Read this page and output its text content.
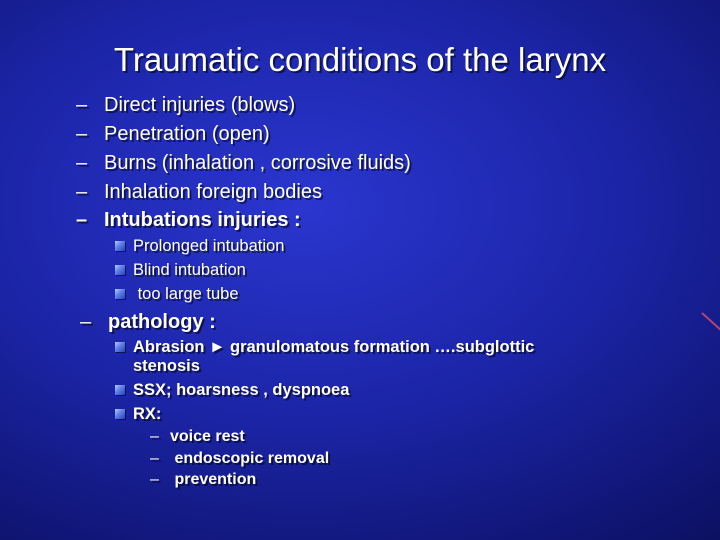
Traumatic conditions of the larynx
– Direct injuries (blows)
– Penetration (open)
– Burns (inhalation , corrosive fluids)
– Inhalation foreign bodies
– Intubations injuries :
Prolonged intubation
Blind intubation
too large tube
– pathology :
Abrasion ► granulomatous formation ….subglottic
stenosis
SSX; hoarsness , dyspnoea
RX:
– voice rest
– endoscopic removal
– prevention
